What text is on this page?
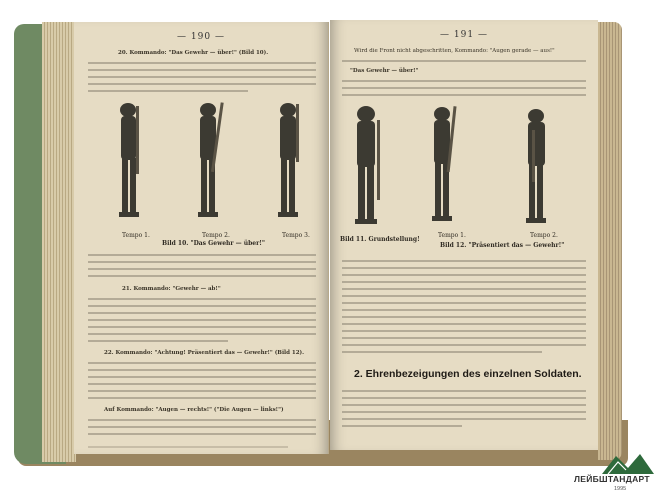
— 190 —
20. Kommando: "Das Gewehr — über!" (Bild 10).
Tempo 1.	Tempo 2.	Tempo 3.
Bild 10. "Das Gewehr — über!"
21. Kommando: "Gewehr — ab!"
22. Kommando: "Achtung! Präsentiert das — Gewehr!" (Bild 12).
Auf Kommando: "Augen — rechts!" ("Die Augen — links!")
— 191 —
Wird die Front nicht abgeschritten, Kommando: "Augen gerade — aus!"
"Das Gewehr — über!"
Bild 11. Grundstellung!
Tempo 1.	Tempo 2.
Bild 12. "Präsentiert das — Gewehr!"
2. Ehrenbezeigungen des einzelnen Soldaten.
ЛЕЙБШТАНДАРТ
1995
